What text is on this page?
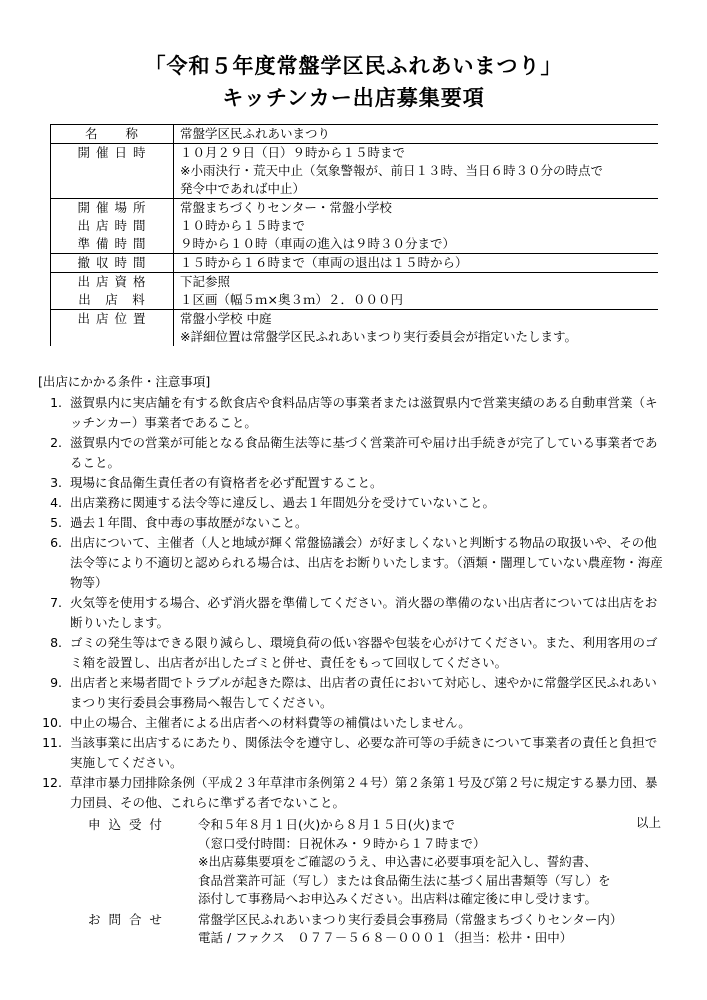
「令和５年度常盤学区民ふれあいまつり」
キッチンカー出店募集要項
名　　称	常盤学区民ふれあいまつり

開 催 日 時	１０月２９日（日）９時から１５時まで
※小雨決行・荒天中止（気象警報が、前日１３時、当日６時３０分の時点で
発令中であれば中止）

開 催 場 所	常盤まちづくりセンター・常盤小学校

出 店 時 間	１０時から１５時まで

準 備 時 間	９時から１０時（車両の進入は９時３０分まで）

撤 収 時 間	１５時から１６時まで（車両の退出は１５時から）

出 店 資 格	下記参照

出　店　料	１区画（幅５ｍ×奥３ｍ）２．０００円

出 店 位 置	常盤小学校 中庭
※詳細位置は常盤学区民ふれあいまつり実行委員会が指定いたします。

[出店にかかる条件・注意事項]

1. 滋賀県内に実店舗を有する飲食店や食料品店等の事業者または滋賀県内で営業実績のある自動車営業（キッチンカー）事業者であること。
2. 滋賀県内での営業が可能となる食品衛生法等に基づく営業許可や届け出手続きが完了している事業者であること。
3. 現場に食品衛生責任者の有資格者を必ず配置すること。
4. 出店業務に関連する法令等に違反し、過去１年間処分を受けていないこと。
5. 過去１年間、食中毒の事故歴がないこと。
6. 出店について、主催者（人と地域が輝く常盤協議会）が好ましくないと判断する物品の取扱いや、その他法令等により不適切と認められる場合は、出店をお断りいたします。（酒類・闇理していない農産物・海産物等）
7. 火気等を使用する場合、必ず消火器を準備してください。消火器の準備のない出店者については出店をお断りいたします。
8. ゴミの発生等はできる限り減らし、環境負荷の低い容器や包装を心がけてください。また、利用客用のゴミ箱を設置し、出店者が出したゴミと併せ、責任をもって回収してください。
9. 出店者と来場者間でトラブルが起きた際は、出店者の責任において対応し、速やかに常盤学区民ふれあいまつり実行委員会事務局へ報告してください。
10. 中止の場合、主催者による出店者への材料費等の補償はいたしません。
11. 当該事業に出店するにあたり、関係法令を遵守し、必要な許可等の手続きについて事業者の責任と負担で実施してください。
12. 草津市暴力団排除条例（平成２３年草津市条例第２４号）第２条第１号及び第２号に規定する暴力団、暴力団員、その他、これらに準ずる者でないこと。
以上
申 込 受 付	令和５年８月１日(火)から８月１５日(火)まで
（窓口受付時間：日祝休み・９時から１７時まで）
※出店募集要項をご確認のうえ、申込書に必要事項を記入し、誓約書、
食品営業許可証（写し）または食品衛生法に基づく届出書類等（写し）を
添付して事務局へお申込みください。出店料は確定後に申し受けます。
お 問 合 せ	常盤学区民ふれあいまつり実行委員会事務局（常盤まちづくりセンター内）
電話 / ファクス　０７７－５６８－０００１（担当：松井・田中）
